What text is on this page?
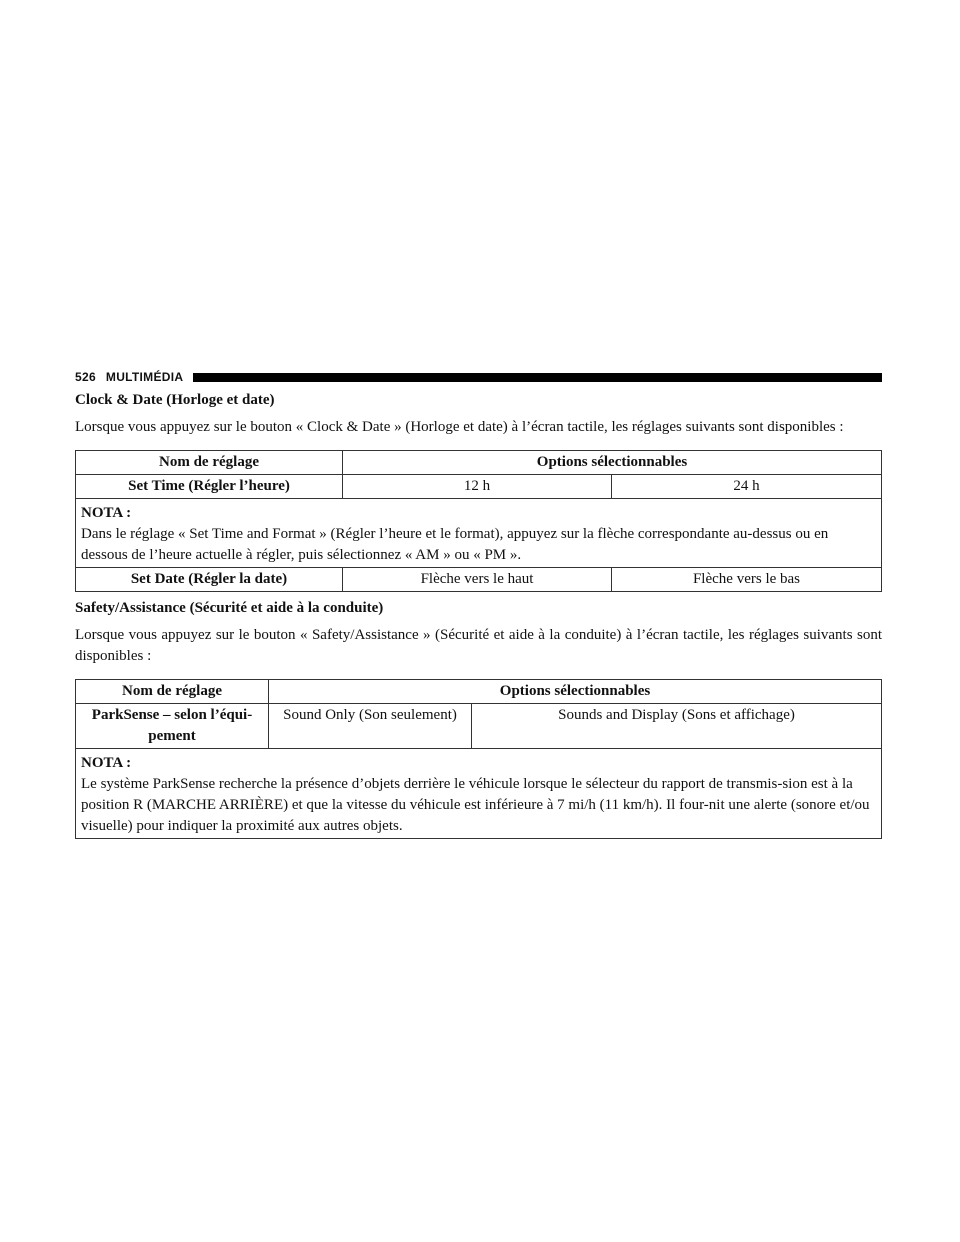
526 MULTIMÉDIA
Clock & Date (Horloge et date)

Lorsque vous appuyez sur le bouton « Clock & Date » (Horloge et date) à l’écran tactile, les réglages suivants sont disponibles :

Nom de réglage	Options sélectionnables	
Set Time (Régler l’heure)	12 h	24 h

NOTA :
Dans le réglage « Set Time and Format » (Régler l’heure et le format), appuyez sur la flèche correspondante au-dessus ou en dessous de l’heure actuelle à régler, puis sélectionnez « AM » ou « PM ».		
Set Date (Régler la date)	Flèche vers le haut	Flèche vers le bas
Safety/Assistance (Sécurité et aide à la conduite)

Lorsque vous appuyez sur le bouton « Safety/Assistance » (Sécurité et aide à la conduite) à l’écran tactile, les réglages suivants sont disponibles :

Nom de réglage	Options sélectionnables	
ParkSense – selon l’équi-pement	Sound Only (Son seulement)	Sounds and Display (Sons et affichage)

NOTA :
Le système ParkSense recherche la présence d’objets derrière le véhicule lorsque le sélecteur du rapport de transmis-sion est à la position R (MARCHE ARRIÈRE) et que la vitesse du véhicule est inférieure à 7 mi/h (11 km/h). Il four-nit une alerte (sonore et/ou visuelle) pour indiquer la proximité aux autres objets.		
